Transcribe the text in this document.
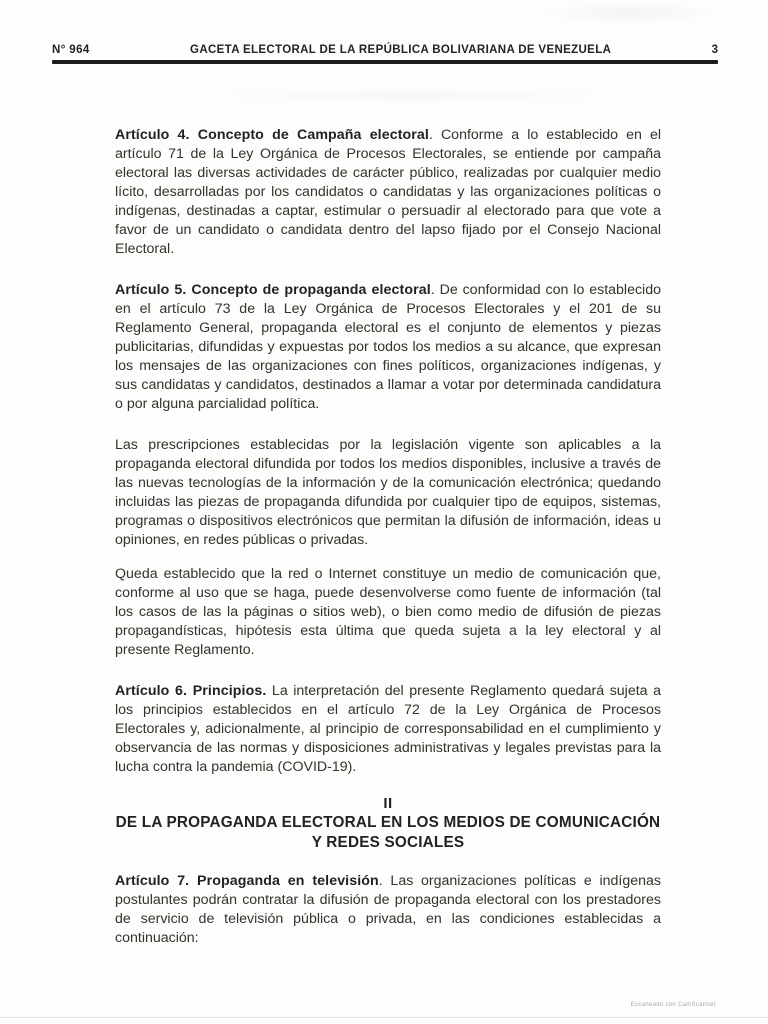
N° 964	GACETA ELECTORAL DE LA REPÚBLICA BOLIVARIANA DE VENEZUELA	3

Artículo 4. Concepto de Campaña electoral. Conforme a lo establecido en el artículo 71 de la Ley Orgánica de Procesos Electorales, se entiende por campaña electoral las diversas actividades de carácter público, realizadas por cualquier medio lícito, desarrolladas por los candidatos o candidatas y las organizaciones políticas o indígenas, destinadas a captar, estimular o persuadir al electorado para que vote a favor de un candidato o candidata dentro del lapso fijado por el Consejo Nacional Electoral.

Artículo 5. Concepto de propaganda electoral. De conformidad con lo establecido en el artículo 73 de la Ley Orgánica de Procesos Electorales y el 201 de su Reglamento General, propaganda electoral es el conjunto de elementos y piezas publicitarias, difundidas y expuestas por todos los medios a su alcance, que expresan los mensajes de las organizaciones con fines políticos, organizaciones indígenas, y sus candidatas y candidatos, destinados a llamar a votar por determinada candidatura o por alguna parcialidad política.

Las prescripciones establecidas por la legislación vigente son aplicables a la propaganda electoral difundida por todos los medios disponibles, inclusive a través de las nuevas tecnologías de la información y de la comunicación electrónica; quedando incluidas las piezas de propaganda difundida por cualquier tipo de equipos, sistemas, programas o dispositivos electrónicos que permitan la difusión de información, ideas u opiniones, en redes públicas o privadas.

Queda establecido que la red o Internet constituye un medio de comunicación que, conforme al uso que se haga, puede desenvolverse como fuente de información (tal los casos de las la páginas o sitios web), o bien como medio de difusión de piezas propagandísticas, hipótesis esta última que queda sujeta a la ley electoral y al presente Reglamento.

Artículo 6. Principios. La interpretación del presente Reglamento quedará sujeta a los principios establecidos en el artículo 72 de la Ley Orgánica de Procesos Electorales y, adicionalmente, al principio de corresponsabilidad en el cumplimiento y observancia de las normas y disposiciones administrativas y legales previstas para la lucha contra la pandemia (COVID-19).

II
DE LA PROPAGANDA ELECTORAL EN LOS MEDIOS DE COMUNICACIÓN
Y REDES SOCIALES

Artículo 7. Propaganda en televisión. Las organizaciones políticas e indígenas postulantes podrán contratar la difusión de propaganda electoral con los prestadores de servicio de televisión pública o privada, en las condiciones establecidas a continuación:

Escaneado con CamScanner
